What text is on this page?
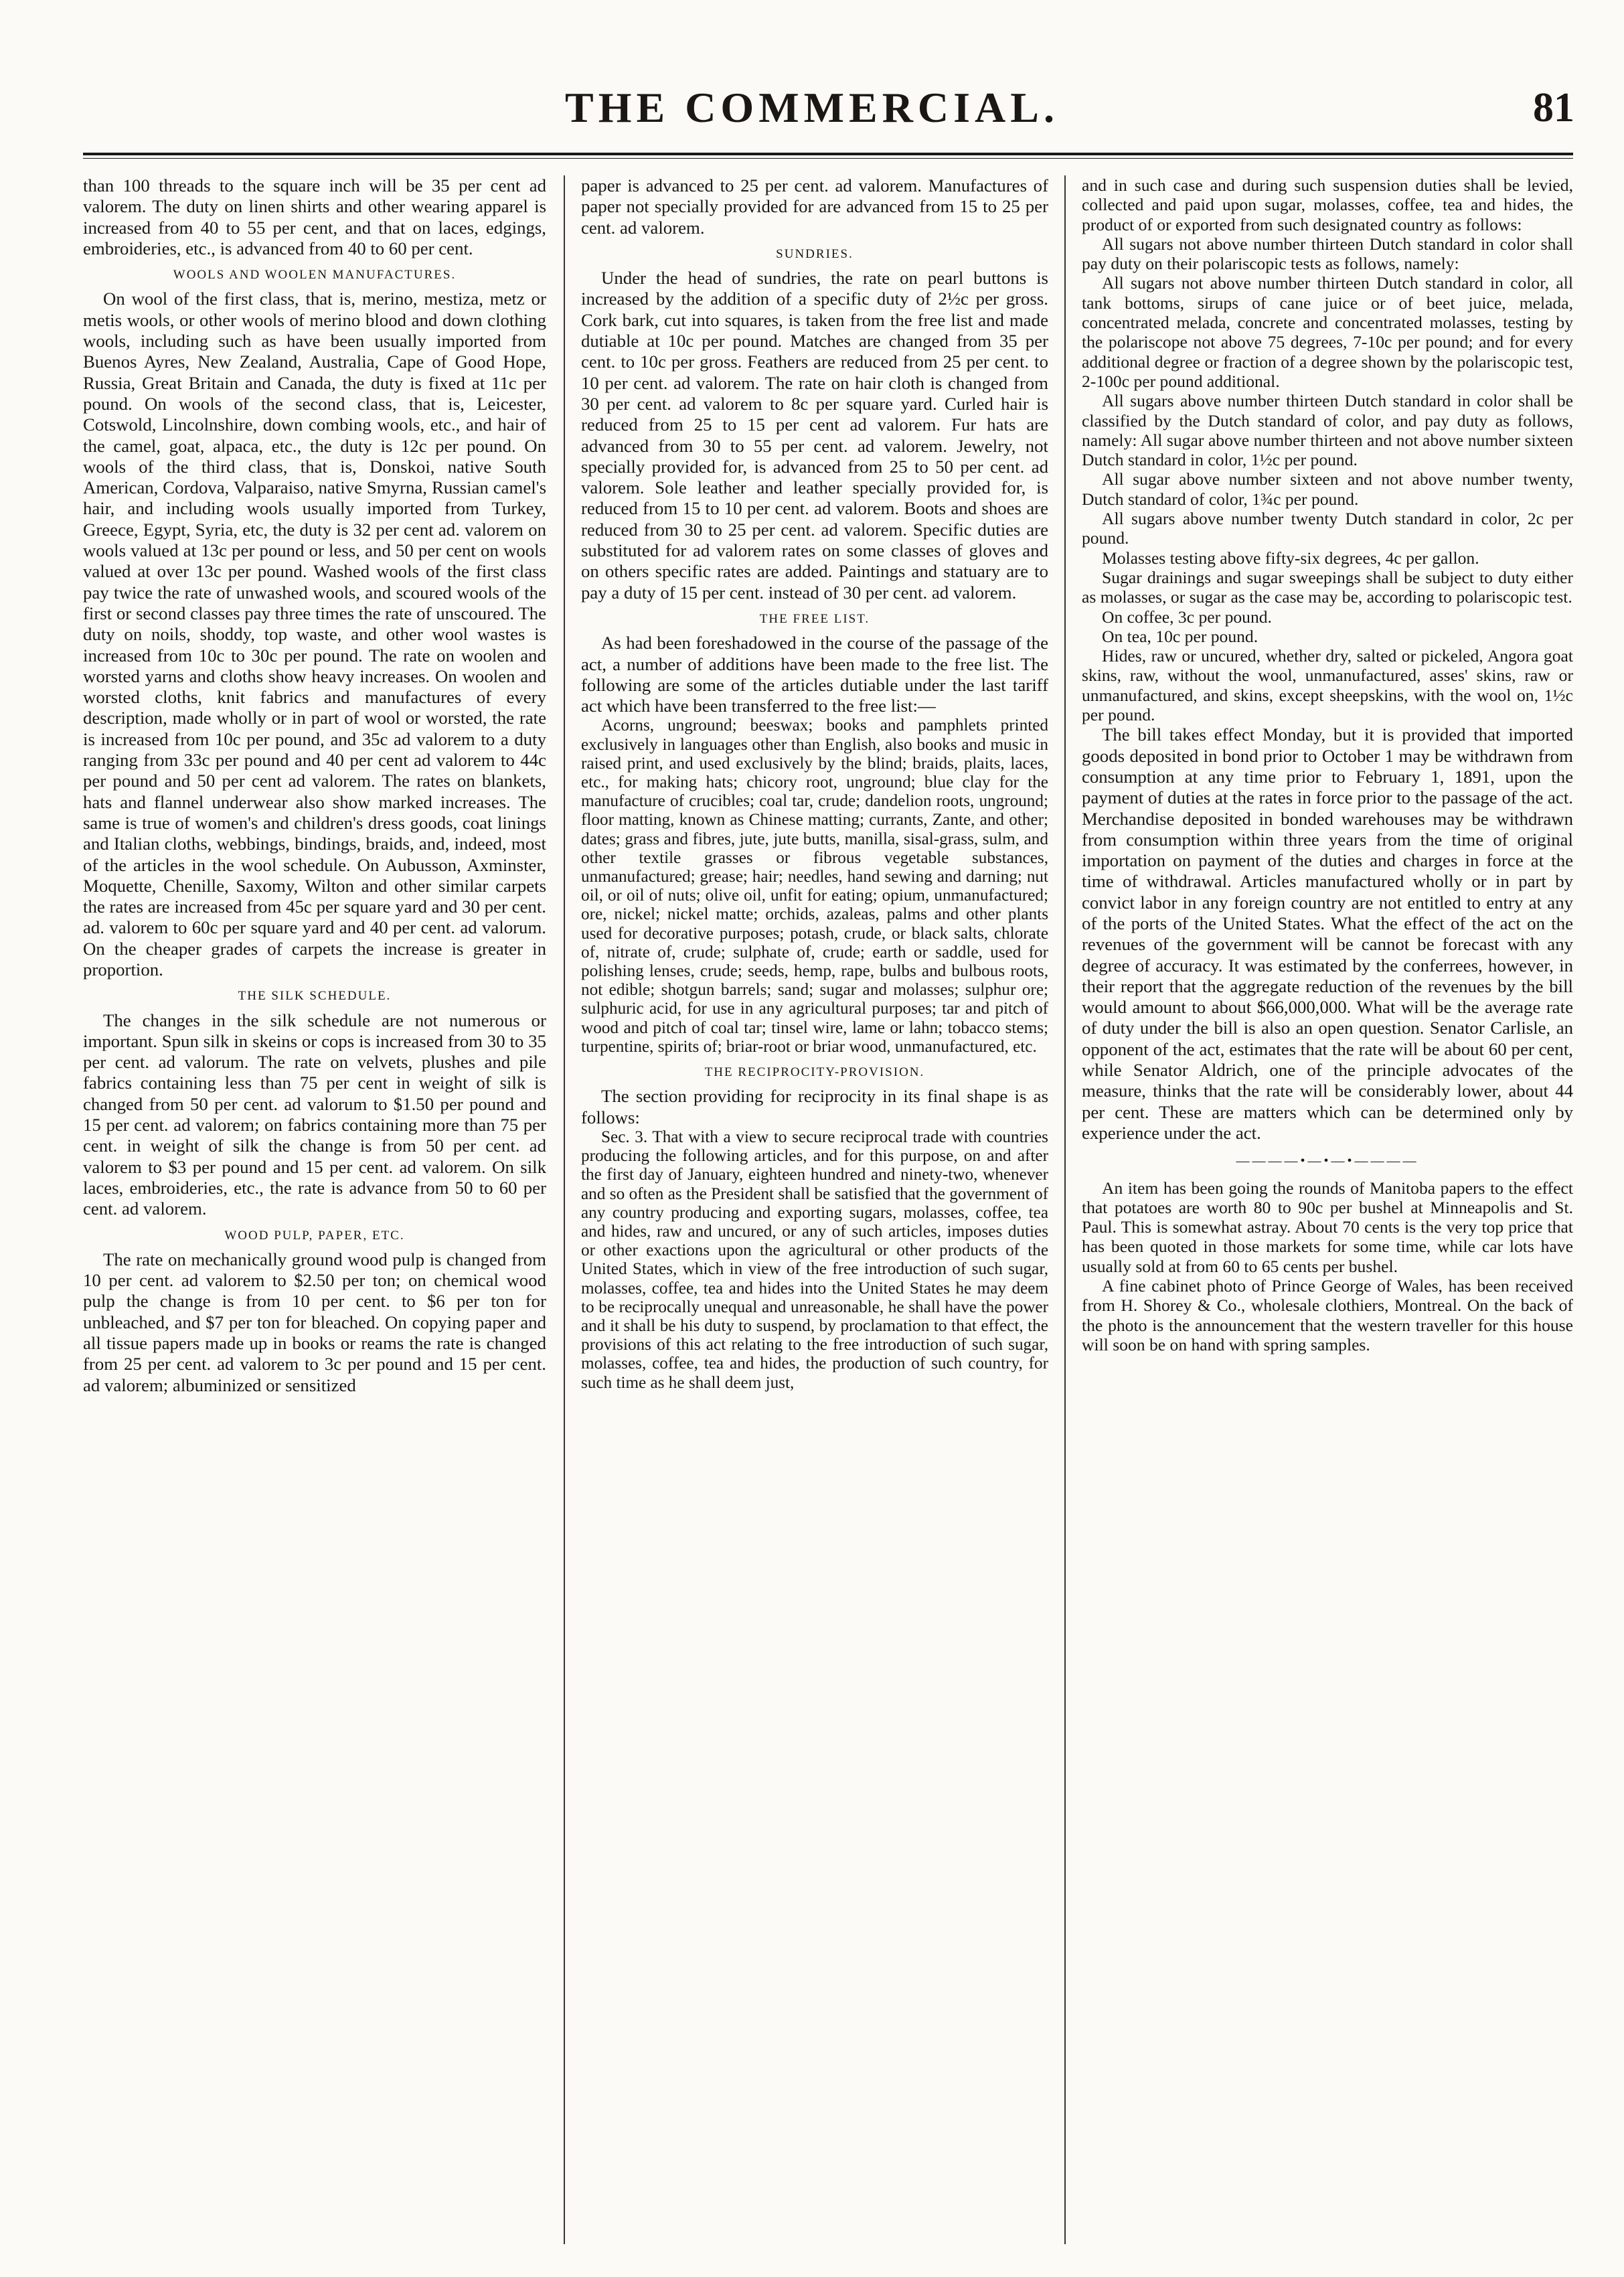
THE COMMERCIAL.	81

than 100 threads to the square inch will be 35 per cent ad valorem. The duty on linen shirts and other wearing apparel is increased from 40 to 55 per cent, and that on laces, edgings, embroideries, etc., is advanced from 40 to 60 per cent.

WOOLS AND WOOLEN MANUFACTURES.

On wool of the first class, that is, merino, mestiza, metz or metis wools, or other wools of merino blood and down clothing wools, including such as have been usually imported from Buenos Ayres, New Zealand, Australia, Cape of Good Hope, Russia, Great Britain and Canada, the duty is fixed at 11c per pound. On wools of the second class, that is, Leicester, Cotswold, Lincolnshire, down combing wools, etc., and hair of the camel, goat, alpaca, etc., the duty is 12c per pound. On wools of the third class, that is, Donskoi, native South American, Cordova, Valparaiso, native Smyrna, Russian camel's hair, and including wools usually imported from Turkey, Greece, Egypt, Syria, etc, the duty is 32 per cent ad. valorem on wools valued at 13c per pound or less, and 50 per cent on wools valued at over 13c per pound. Washed wools of the first class pay twice the rate of unwashed wools, and scoured wools of the first or second classes pay three times the rate of unscoured. The duty on noils, shoddy, top waste, and other wool wastes is increased from 10c to 30c per pound. The rate on woolen and worsted yarns and cloths show heavy increases. On woolen and worsted cloths, knit fabrics and manufactures of every description, made wholly or in part of wool or worsted, the rate is increased from 10c per pound, and 35c ad valorem to a duty ranging from 33c per pound and 40 per cent ad valorem to 44c per pound and 50 per cent ad valorem. The rates on blankets, hats and flannel underwear also show marked increases. The same is true of women's and children's dress goods, coat linings and Italian cloths, webbings, bindings, braids, and, indeed, most of the articles in the wool schedule. On Aubusson, Axminster, Moquette, Chenille, Saxomy, Wilton and other similar carpets the rates are increased from 45c per square yard and 30 per cent. ad. valorem to 60c per square yard and 40 per cent. ad valorum. On the cheaper grades of carpets the increase is greater in proportion.

THE SILK SCHEDULE.

The changes in the silk schedule are not numerous or important. Spun silk in skeins or cops is increased from 30 to 35 per cent. ad valorum. The rate on velvets, plushes and pile fabrics containing less than 75 per cent in weight of silk is changed from 50 per cent. ad valorum to $1.50 per pound and 15 per cent. ad valorem; on fabrics containing more than 75 per cent. in weight of silk the change is from 50 per cent. ad valorem to $3 per pound and 15 per cent. ad valorem. On silk laces, embroideries, etc., the rate is advance from 50 to 60 per cent. ad valorem.

WOOD PULP, PAPER, ETC.

The rate on mechanically ground wood pulp is changed from 10 per cent. ad valorem to $2.50 per ton; on chemical wood pulp the change is from 10 per cent. to $6 per ton for unbleached, and $7 per ton for bleached. On copying paper and all tissue papers made up in books or reams the rate is changed from 25 per cent. ad valorem to 3c per pound and 15 per cent. ad valorem; albuminized or sensitized

paper is advanced to 25 per cent. ad valorem. Manufactures of paper not specially provided for are advanced from 15 to 25 per cent. ad valorem.

SUNDRIES.

Under the head of sundries, the rate on pearl buttons is increased by the addition of a specific duty of 2½c per gross. Cork bark, cut into squares, is taken from the free list and made dutiable at 10c per pound. Matches are changed from 35 per cent. to 10c per gross. Feathers are reduced from 25 per cent. to 10 per cent. ad valorem. The rate on hair cloth is changed from 30 per cent. ad valorem to 8c per square yard. Curled hair is reduced from 25 to 15 per cent ad valorem. Fur hats are advanced from 30 to 55 per cent. ad valorem. Jewelry, not specially provided for, is advanced from 25 to 50 per cent. ad valorem. Sole leather and leather specially provided for, is reduced from 15 to 10 per cent. ad valorem. Boots and shoes are reduced from 30 to 25 per cent. ad valorem. Specific duties are substituted for ad valorem rates on some classes of gloves and on others specific rates are added. Paintings and statuary are to pay a duty of 15 per cent. instead of 30 per cent. ad valorem.

THE FREE LIST.

As had been foreshadowed in the course of the passage of the act, a number of additions have been made to the free list. The following are some of the articles dutiable under the last tariff act which have been transferred to the free list:—

Acorns, unground; beeswax; books and pamphlets printed exclusively in languages other than English, also books and music in raised print, and used exclusively by the blind; braids, plaits, laces, etc., for making hats; chicory root, unground; blue clay for the manufacture of crucibles; coal tar, crude; dandelion roots, unground; floor matting, known as Chinese matting; currants, Zante, and other; dates; grass and fibres, jute, jute butts, manilla, sisal-grass, sulm, and other textile grasses or fibrous vegetable substances, unmanufactured; grease; hair; needles, hand sewing and darning; nut oil, or oil of nuts; olive oil, unfit for eating; opium, unmanufactured; ore, nickel; nickel matte; orchids, azaleas, palms and other plants used for decorative purposes; potash, crude, or black salts, chlorate of, nitrate of, crude; sulphate of, crude; earth or saddle, used for polishing lenses, crude; seeds, hemp, rape, bulbs and bulbous roots, not edible; shotgun barrels; sand; sugar and molasses; sulphur ore; sulphuric acid, for use in any agricultural purposes; tar and pitch of wood and pitch of coal tar; tinsel wire, lame or lahn; tobacco stems; turpentine, spirits of; briar-root or briar wood, unmanufactured, etc.

THE RECIPROCITY-PROVISION.

The section providing for reciprocity in its final shape is as follows:

Sec. 3. That with a view to secure reciprocal trade with countries producing the following articles, and for this purpose, on and after the first day of January, eighteen hundred and ninety-two, whenever and so often as the President shall be satisfied that the government of any country producing and exporting sugars, molasses, coffee, tea and hides, raw and uncured, or any of such articles, imposes duties or other exactions upon the agricultural or other products of the United States, which in view of the free introduction of such sugar, molasses, coffee, tea and hides into the United States he may deem to be reciprocally unequal and unreasonable, he shall have the power and it shall be his duty to suspend, by proclamation to that effect, the provisions of this act relating to the free introduction of such sugar, molasses, coffee, tea and hides, the production of such country, for such time as he shall deem just,

and in such case and during such suspension duties shall be levied, collected and paid upon sugar, molasses, coffee, tea and hides, the product of or exported from such designated country as follows:

All sugars not above number thirteen Dutch standard in color shall pay duty on their polariscopic tests as follows, namely:

All sugars not above number thirteen Dutch standard in color, all tank bottoms, sirups of cane juice or of beet juice, melada, concentrated melada, concrete and concentrated molasses, testing by the polariscope not above 75 degrees, 7-10c per pound; and for every additional degree or fraction of a degree shown by the polariscopic test, 2-100c per pound additional.

All sugars above number thirteen Dutch standard in color shall be classified by the Dutch standard of color, and pay duty as follows, namely: All sugar above number thirteen and not above number sixteen Dutch standard in color, 1½c per pound.

All sugar above number sixteen and not above number twenty, Dutch standard of color, 1¾c per pound.

All sugars above number twenty Dutch standard in color, 2c per pound.

Molasses testing above fifty-six degrees, 4c per gallon.

Sugar drainings and sugar sweepings shall be subject to duty either as molasses, or sugar as the case may be, according to polariscopic test.

On coffee, 3c per pound.

On tea, 10c per pound.

Hides, raw or uncured, whether dry, salted or pickeled, Angora goat skins, raw, without the wool, unmanufactured, asses' skins, raw or unmanufactured, and skins, except sheepskins, with the wool on, 1½c per pound.

The bill takes effect Monday, but it is provided that imported goods deposited in bond prior to October 1 may be withdrawn from consumption at any time prior to February 1, 1891, upon the payment of duties at the rates in force prior to the passage of the act. Merchandise deposited in bonded warehouses may be withdrawn from consumption within three years from the time of original importation on payment of the duties and charges in force at the time of withdrawal. Articles manufactured wholly or in part by convict labor in any foreign country are not entitled to entry at any of the ports of the United States. What the effect of the act on the revenues of the government will be cannot be forecast with any degree of accuracy. It was estimated by the conferrees, however, in their report that the aggregate reduction of the revenues by the bill would amount to about $66,000,000. What will be the average rate of duty under the bill is also an open question. Senator Carlisle, an opponent of the act, estimates that the rate will be about 60 per cent, while Senator Aldrich, one of the principle advocates of the measure, thinks that the rate will be considerably lower, about 44 per cent. These are matters which can be determined only by experience under the act.

————•—•—•————

An item has been going the rounds of Manitoba papers to the effect that potatoes are worth 80 to 90c per bushel at Minneapolis and St. Paul. This is somewhat astray. About 70 cents is the very top price that has been quoted in those markets for some time, while car lots have usually sold at from 60 to 65 cents per bushel.

A fine cabinet photo of Prince George of Wales, has been received from H. Shorey & Co., wholesale clothiers, Montreal. On the back of the photo is the announcement that the western traveller for this house will soon be on hand with spring samples.
